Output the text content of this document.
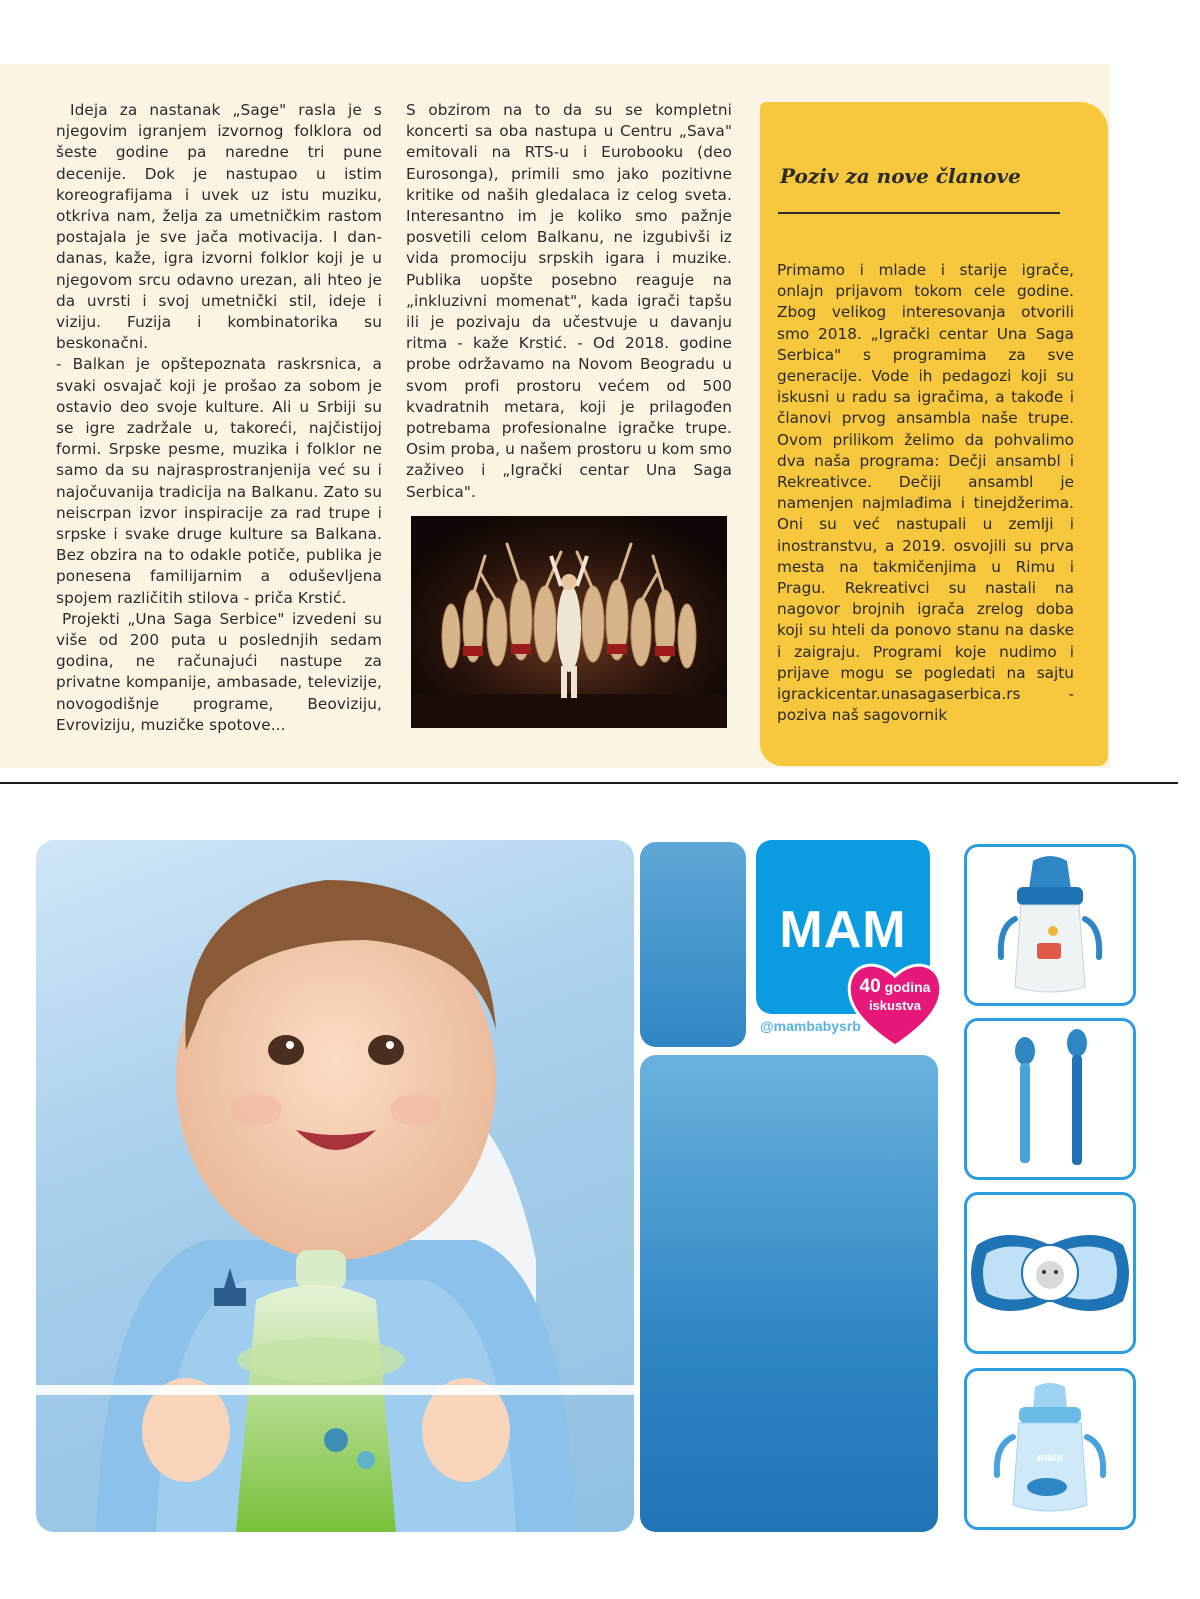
Ideja za nastanak „Sage" rasla je s njegovim igranjem izvornog folklora od šeste godine pa naredne tri pune decenije. Dok je nastupao u istim koreografijama i uvek uz istu muziku, otkriva nam, želja za umetničkim rastom postajala je sve jača motivacija. I dan-danas, kaže, igra izvorni folklor koji je u njegovom srcu odavno urezan, ali hteo je da uvrsti i svoj umetnički stil, ideje i viziju. Fuzija i kombinatorika su beskonačni.

- Balkan je opštepoznata raskrsnica, a svaki osvajač koji je prošao za sobom je ostavio deo svoje kulture. Ali u Srbiji su se igre zadržale u, takoreći, najčistijoj formi. Srpske pesme, muzika i folklor ne samo da su najrasprostranjenija već su i najočuvanija tradicija na Balkanu. Zato su neiscrpan izvor inspiracije za rad trupe i srpske i svake druge kulture sa Balkana. Bez obzira na to odakle potiče, publika je ponesena familijarnim a oduševljena spojem različitih stilova - priča Krstić.

Projekti „Una Saga Serbice" izvedeni su više od 200 puta u poslednjih sedam godina, ne računajući nastupe za privatne kompanije, ambasade, televizije, novogodišnje programe, Beoviziju, Evroviziju, muzičke spotove...

S obzirom na to da su se kompletni koncerti sa oba nastupa u Centru „Sava" emitovali na RTS-u i Eurobooku (deo Eurosonga), primili smo jako pozitivne kritike od naših gledalaca iz celog sveta. Interesantno im je koliko smo pažnje posvetili celom Balkanu, ne izgubivši iz vida promociju srpskih igara i muzike. Publika uopšte posebno reaguje na „inkluzivni momenat", kada igrači tapšu ili je pozivaju da učestvuje u davanju ritma - kaže Krstić. - Od 2018. godine probe održavamo na Novom Beogradu u svom profi prostoru većem od 500 kvadratnih metara, koji je prilagođen potrebama profesionalne igračke trupe. Osim proba, u našem prostoru u kom smo zaživeo i „Igrački centar Una Saga Serbica".

Poziv za nove članove

Primamo i mlade i starije igrače, onlajn prijavom tokom cele godine. Zbog velikog interesovanja otvorili smo 2018. „Igrački centar Una Saga Serbica" s programima za sve generacije. Vode ih pedagozi koji su iskusni u radu sa igračima, a takođe i članovi prvog ansambla naše trupe. Ovom prilikom želimo da pohvalimo dva naša programa: Dečji ansambl i Rekreativce. Dečiji ansambl je namenjen najmlađima i tinejdžerima. Oni su već nastupali u zemlji i inostranstvu, a 2019. osvojili su prva mesta na takmičenjima u Rimu i Pragu. Rekreativci su nastali na nagovor brojnih igrača zrelog doba koji su hteli da ponovo stanu na daske i zaigraju. Programi koje nudimo i prijave mogu se pogledati na sajtu igrackicentar.unasagaserbica.rs - poziva naš sagovornik

MAM
40 godina
iskustva
@mambabysrb
mam
